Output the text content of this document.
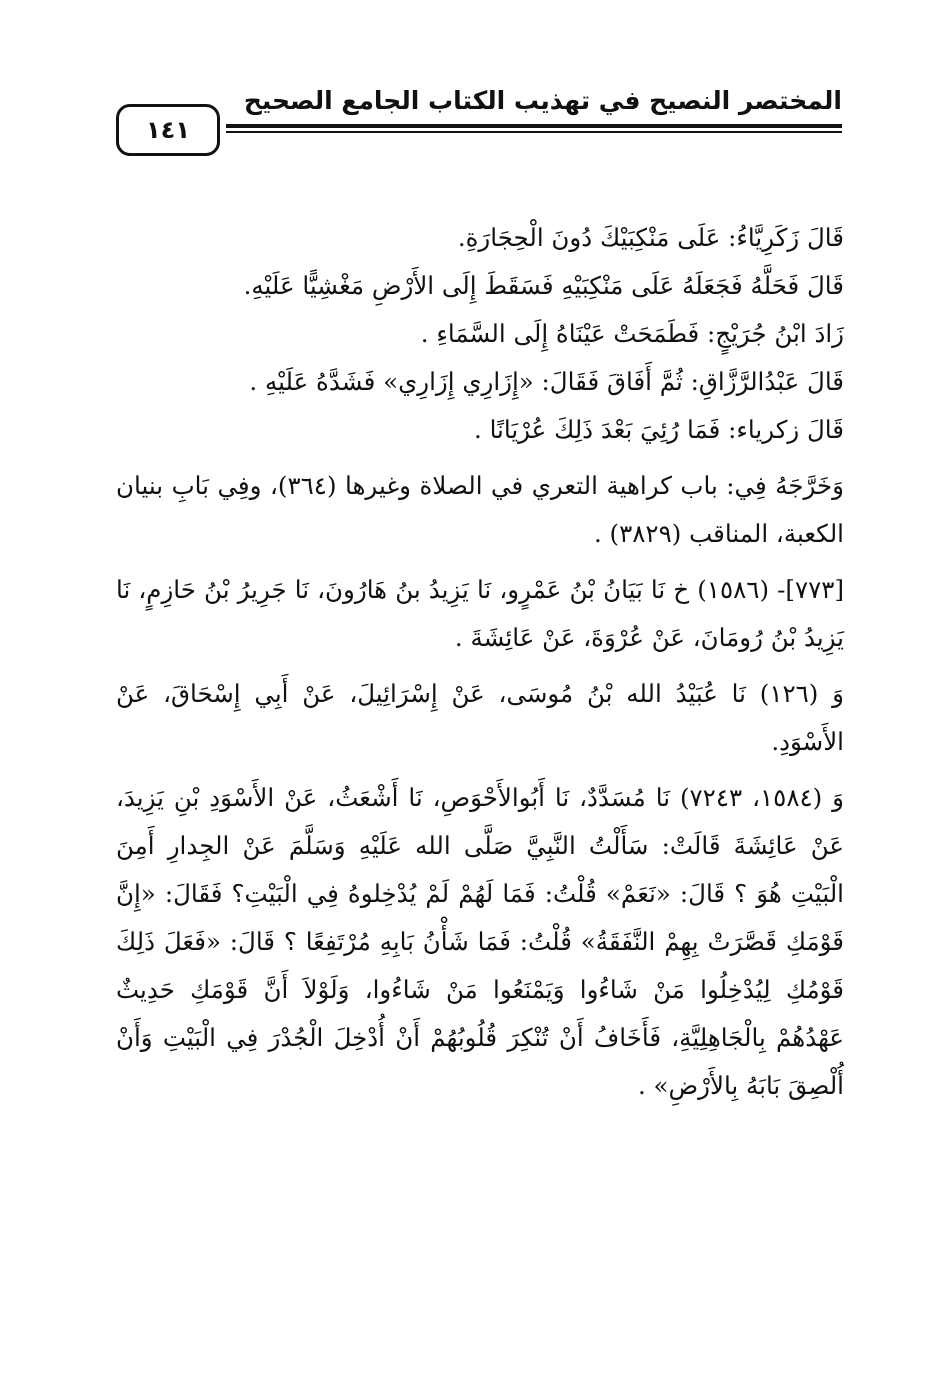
المختصر النصيح في تهذيب الكتاب الجامع الصحيح
١٤١

قَالَ زَكَرِيَّاءُ: عَلَى مَنْكِبَيْكَ دُونَ الْحِجَارَةِ.

قَالَ فَحَلَّهُ فَجَعَلَهُ عَلَى مَنْكِبَيْهِ فَسَقَطَ إِلَى الأَرْضِ مَغْشِيًّا عَلَيْهِ.

زَادَ ابْنُ جُرَيْجٍ: فَطَمَحَتْ عَيْنَاهُ إِلَى السَّمَاءِ .

قَالَ عَبْدُالرَّزَّاقِ: ثُمَّ أَفَاقَ فَقَالَ: «إِزَارِي إِزَارِي» فَشَدَّهُ عَلَيْهِ .

قَالَ زكرياء: فَمَا رُئِيَ بَعْدَ ذَلِكَ عُرْيَانًا .

وَخَرَّجَهُ فِي: باب كراهية التعري في الصلاة وغيرها (٣٦٤)، وفِي بَابِ بنيان الكعبة، المناقب (٣٨٢٩) .

[٧٧٣]- (١٥٨٦) خ نَا بَيَانُ بْنُ عَمْرٍو، نَا يَزِيدُ بنُ هَارُونَ، نَا جَرِيرُ بْنُ حَازِمٍ، نَا يَزِيدُ بْنُ رُومَانَ، عَنْ عُرْوَةَ، عَنْ عَائِشَةَ .

وَ (١٢٦) نَا عُبَيْدُ الله بْنُ مُوسَى، عَنْ إِسْرَائِيلَ، عَنْ أَبِي إِسْحَاقَ، عَنْ الأَسْوَدِ.

وَ (١٥٨٤، ٧٢٤٣) نَا مُسَدَّدٌ، نَا أَبُوالأَحْوَصِ، نَا أَشْعَثُ، عَنْ الأَسْوَدِ بْنِ يَزِيدَ، عَنْ عَائِشَةَ قَالَتْ: سَأَلْتُ النَّبِيَّ صَلَّى الله عَلَيْهِ وَسَلَّمَ عَنْ الجِدارِ أَمِنَ الْبَيْتِ هُوَ ؟ قَالَ: «نَعَمْ» قُلْتُ: فَمَا لَهُمْ لَمْ يُدْخِلوهُ فِي الْبَيْتِ؟ فَقَالَ: «إِنَّ قَوْمَكِ قَصَّرَتْ بِهِمْ النَّفَقَةُ» قُلْتُ: فَمَا شَأْنُ بَابِهِ مُرْتَفِعًا ؟ قَالَ: «فَعَلَ ذَلِكَ قَوْمُكِ لِيُدْخِلُوا مَنْ شَاءُوا وَيَمْنَعُوا مَنْ شَاءُوا، وَلَوْلاَ أَنَّ قَوْمَكِ حَدِيثٌ عَهْدُهُمْ بِالْجَاهِلِيَّةِ، فَأَخَافُ أَنْ تُنْكِرَ قُلُوبُهُمْ أَنْ أُدْخِلَ الْجُدْرَ فِي الْبَيْتِ وَأَنْ أُلْصِقَ بَابَهُ بِالأَرْضِ» .
